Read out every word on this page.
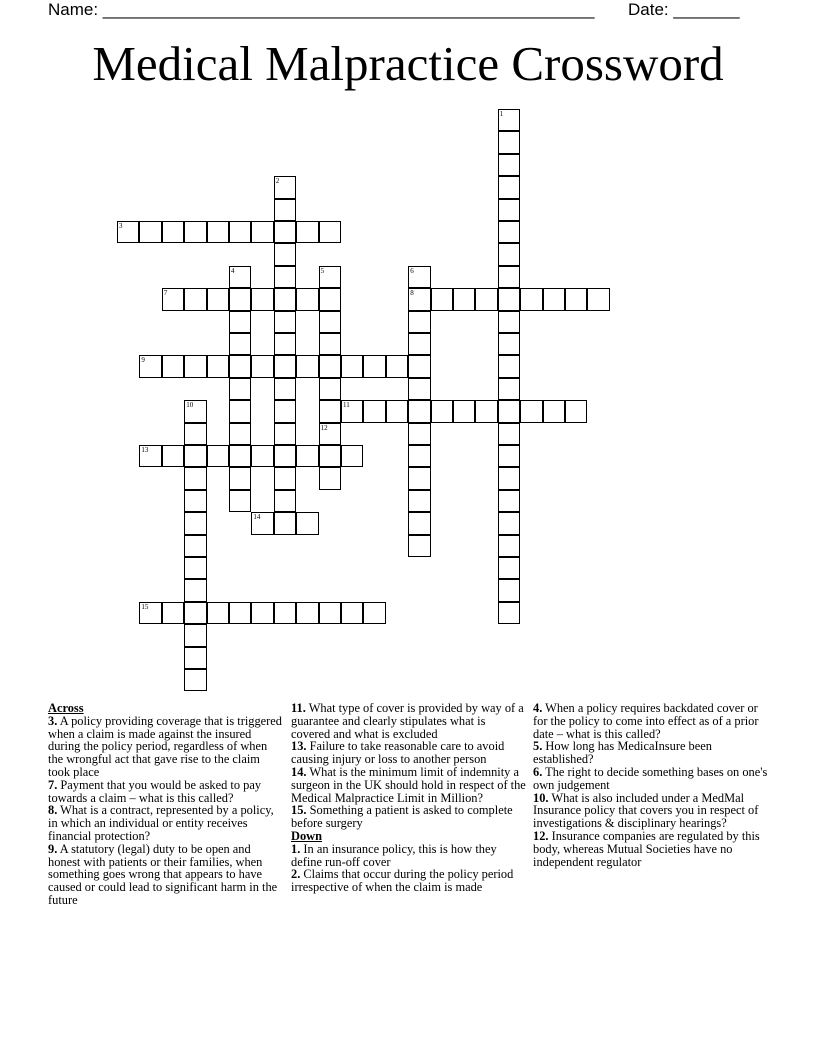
Name: ____________________________________________________ Date: _______
Medical Malpractice Crossword
1
2
3
4	5
12
6
8
7
9
10	11
13
14
15
Across

3. A policy providing coverage that is triggered when a claim is made against the insured during the policy period, regardless of when the wrongful act that gave rise to the claim took place

7. Payment that you would be asked to pay towards a claim – what is this called?

8. What is a contract, represented by a policy, in which an individual or entity receives financial protection?

9. A statutory (legal) duty to be open and honest with patients or their families, when something goes wrong that appears to have caused or could lead to significant harm in the future

11. What type of cover is provided by way of a guarantee and clearly stipulates what is covered and what is excluded

13. Failure to take reasonable care to avoid causing injury or loss to another person

14. What is the minimum limit of indemnity a surgeon in the UK should hold in respect of the Medical Malpractice Limit in Million?

15. Something a patient is asked to complete before surgery

Down

1. In an insurance policy, this is how they define run-off cover

2. Claims that occur during the policy period irrespective of when the claim is made

4. When a policy requires backdated cover or for the policy to come into effect as of a prior date – what is this called?

5. How long has MedicaInsure been established?

6. The right to decide something bases on one's own judgement

10. What is also included under a MedMal Insurance policy that covers you in respect of investigations & disciplinary hearings?

12. Insurance companies are regulated by this body, whereas Mutual Societies have no independent regulator
